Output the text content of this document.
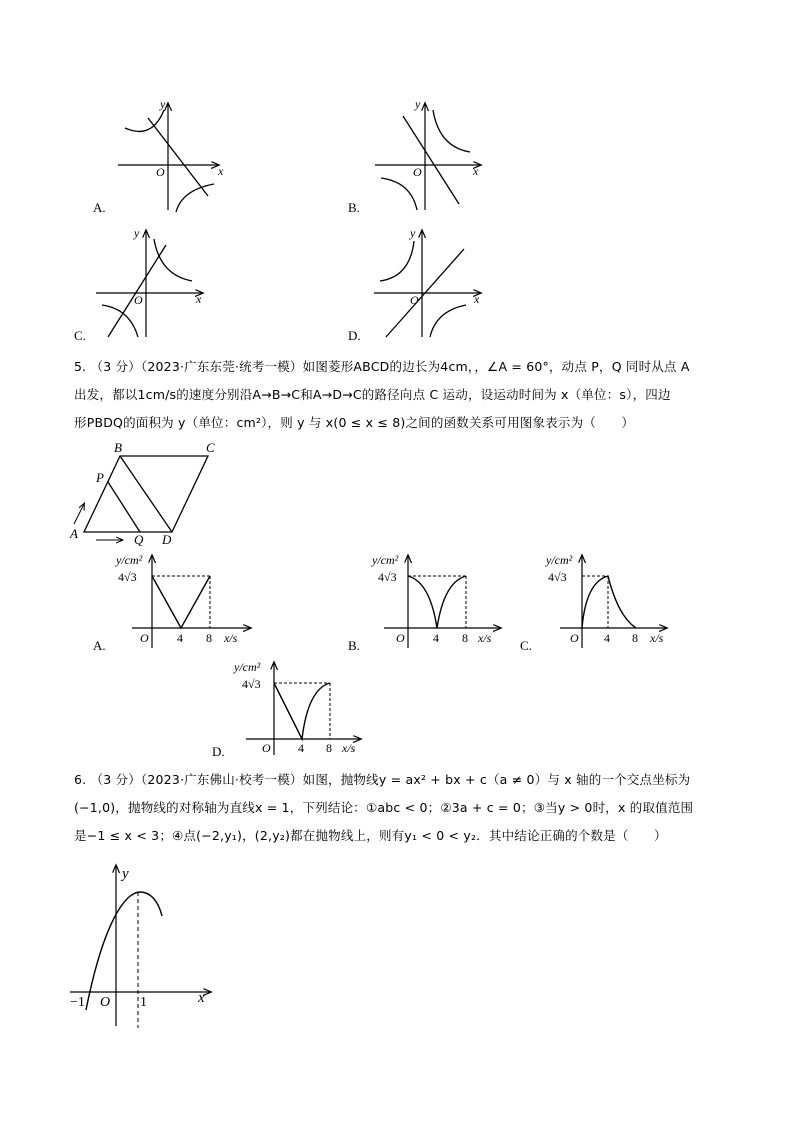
y
x
O
A.
y
x
O
B.
y
x
O
C.
y
x
O
D.
5. （3 分）（2023·广东东莞·统考一模）如图菱形ABCD的边长为4cm，，∠A = 60°，动点 P，Q 同时从点 A
出发，都以1cm/s的速度分别沿A→B→C和A→D→C的路径向点 C 运动，设运动时间为 x（单位：s），四边
形PBDQ的面积为 y（单位：cm²），则 y 与 x(0 ≤ x ≤ 8)之间的函数关系可用图象表示为（　　）
A
B	C
D
P
Q
y/cm²
4√3
O 4 8 x/s
A.
y/cm²
4√3
O 4 8 x/s
B.
y/cm²
4√3
O 4 8 x/s
C.
y/cm²
4√3
O 4 8 x/s
D.
6. （3 分）（2023·广东佛山·校考一模）如图，抛物线y = ax² + bx + c（a ≠ 0）与 x 轴的一个交点坐标为
(−1,0)，抛物线的对称轴为直线x = 1，下列结论：①abc < 0；②3a + c = 0；③当y > 0时，x 的取值范围
是−1 ≤ x < 3；④点(−2,y₁)，(2,y₂)都在抛物线上，则有y₁ < 0 < y₂．其中结论正确的个数是（　　）
y
x
O
−1	1
